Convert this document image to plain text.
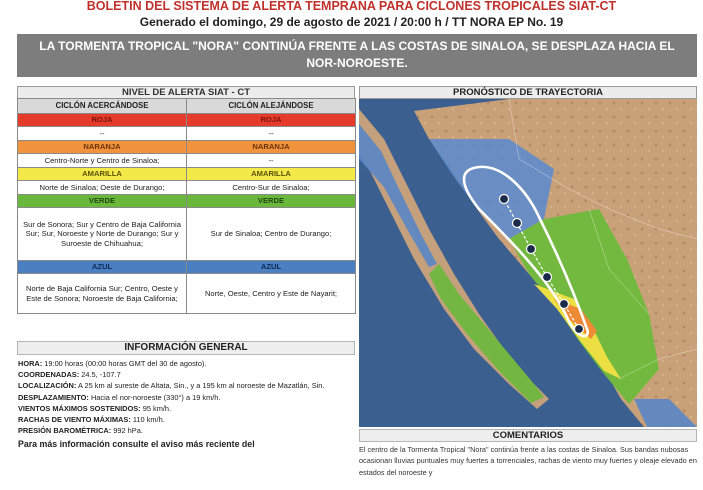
BOLETÍN DEL SISTEMA DE ALERTA TEMPRANA PARA CICLONES TROPICALES SIAT-CT
Generado el domingo, 29 de agosto de 2021 / 20:00 h / TT NORA EP No. 19
LA TORMENTA TROPICAL "NORA" CONTINÚA FRENTE A LAS COSTAS DE SINALOA, SE DESPLAZA HACIA EL NOR-NOROESTE.
NIVEL DE ALERTA SIAT - CT
CICLÓN ACERCÁNDOSE	CICLÓN ALEJÁNDOSE
ROJA	ROJA
--	--
NARANJA	NARANJA
Centro-Norte y Centro de Sinaloa;	--
AMARILLA	AMARILLA
Norte de Sinaloa; Oeste de Durango;	Centro-Sur de Sinaloa;
VERDE	VERDE
Sur de Sonora; Sur y Centro de Baja California Sur; Sur, Noroeste y Norte de Durango; Sur y Suroeste de Chihuahua;	Sur de Sinaloa; Centro de Durango;
AZUL	AZUL
Norte de Baja California Sur; Centro, Oeste y Este de Sonora; Noroeste de Baja California;	Norte, Oeste, Centro y Este de Nayarit;
INFORMACIÓN GENERAL
HORA: 19:00 horas (00:00 horas GMT del 30 de agosto).
COORDENADAS: 24.5, -107.7
LOCALIZACIÓN: A 25 km al sureste de Altata, Sin., y a 195 km al noroeste de Mazatlán, Sin.
DESPLAZAMIENTO: Hacia el nor-noroeste (330°) a 19 km/h.
VIENTOS MÁXIMOS SOSTENIDOS: 95 km/h.
RACHAS DE VIENTO MÁXIMAS: 110 km/h.
PRESIÓN BAROMÉTRICA: 992 hPa.
Para más información consulte el aviso más reciente del
PRONÓSTICO DE TRAYECTORIA
COMENTARIOS
El centro de la Tormenta Tropical "Nora" continúa frente a las costas de Sinaloa. Sus bandas nubosas ocasionan lluvias puntuales muy fuertes a torrenciales, rachas de viento muy fuertes y oleaje elevado en estados del noroeste y
